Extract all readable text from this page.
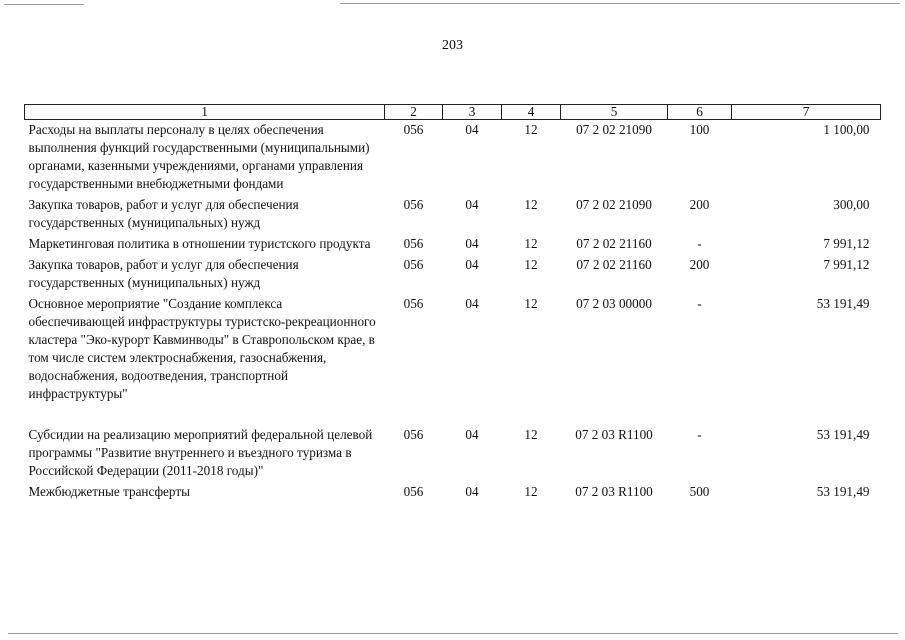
203
1	2	3	4	5	6	7
Расходы на выплаты персоналу в целях обеспечения выполнения функций государственными (муниципальными) органами, казенными учреждениями, органами управления государственными внебюджетными фондами	056	04	12	07 2 02 21090	100	1 100,00
Закупка товаров, работ и услуг для обеспечения государственных (муниципальных) нужд	056	04	12	07 2 02 21090	200	300,00
Маркетинговая политика в отношении туристского продукта	056	04	12	07 2 02 21160	-	7 991,12
Закупка товаров, работ и услуг для обеспечения государственных (муниципальных) нужд	056	04	12	07 2 02 21160	200	7 991,12
Основное мероприятие "Создание комплекса обеспечивающей инфраструктуры туристско-рекреационного кластера "Эко-курорт Кавминводы" в Ставропольском крае, в том числе систем электроснабжения, газоснабжения, водоснабжения, водоотведения, транспортной инфраструктуры"	056	04	12	07 2 03 00000	-	53 191,49
Субсидии на реализацию мероприятий федеральной целевой программы "Развитие внутреннего и въездного туризма в Российской Федерации (2011-2018 годы)"	056	04	12	07 2 03 R1100	-	53 191,49
Межбюджетные трансферты	056	04	12	07 2 03 R1100	500	53 191,49
